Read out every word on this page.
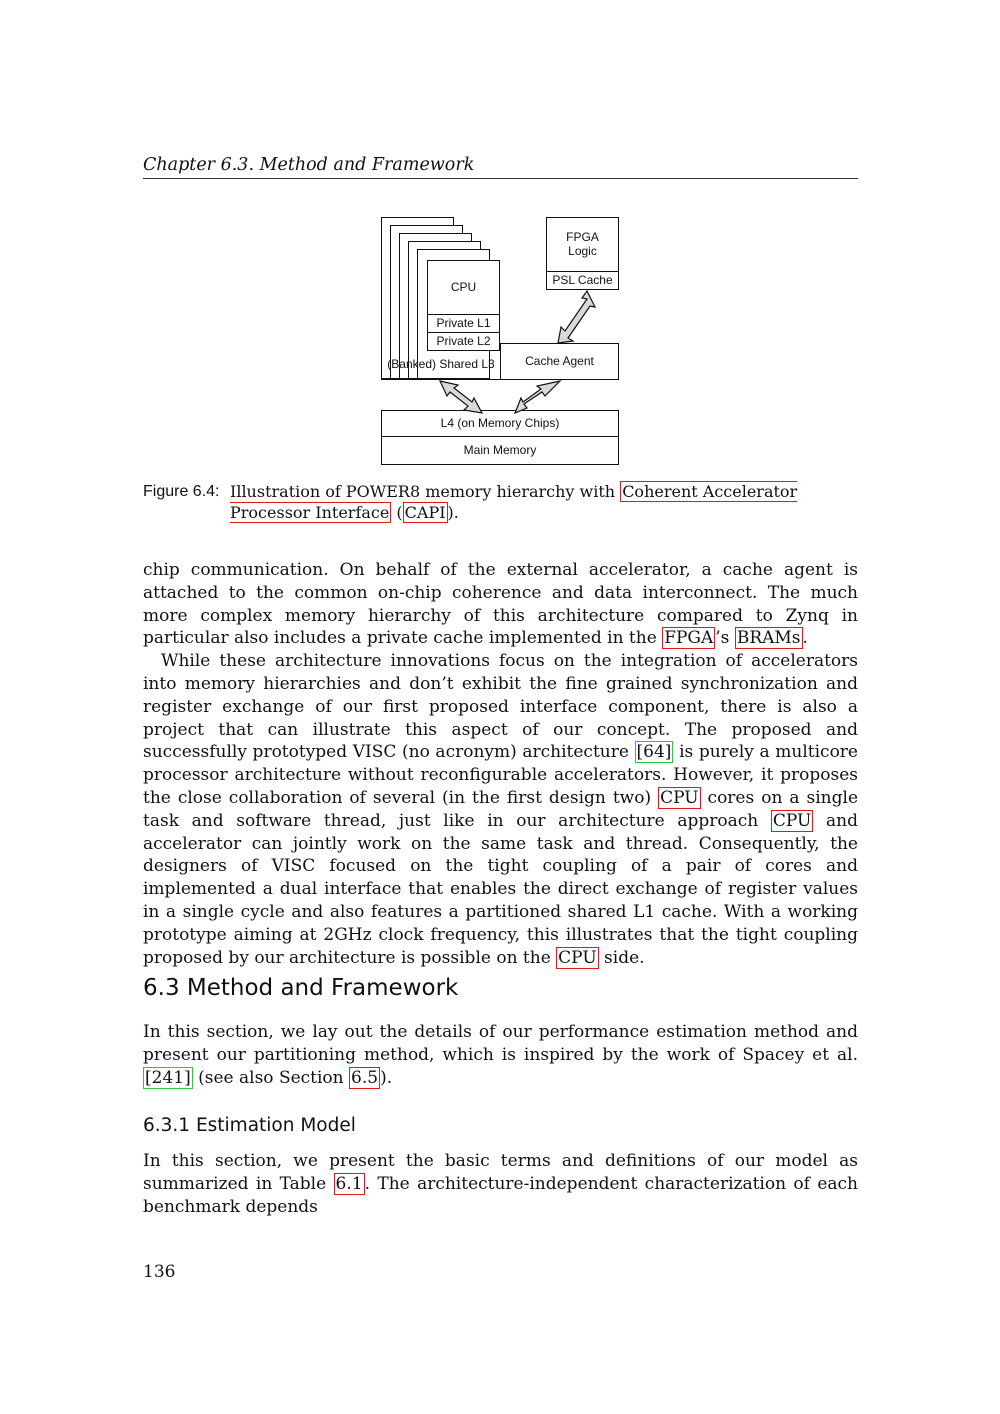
Chapter 6.3. Method and Framework
CPU
Private L1
Private L2
(Banked) Shared L3	Cache Agent
FPGA
Logic
PSL Cache
L4 (on Memory Chips)
Main Memory
Figure 6.4: Illustration of POWER8 memory hierarchy with Coherent Accelerator Processor Interface ( CAPI ).

chip communication. On behalf of the external accelerator, a cache agent is attached to the common on-chip coherence and data interconnect. The much more complex memory hierarchy of this architecture compared to Zynq in particular also includes a private cache implemented in the FPGA ’s BRAMs .

While these architecture innovations focus on the integration of accelerators into memory hierarchies and don’t exhibit the fine grained synchronization and register exchange of our first proposed interface component, there is also a project that can illustrate this aspect of our concept. The proposed and successfully prototyped VISC (no acronym) architecture [64] is purely a multicore processor architecture without reconfigurable accelerators. However, it proposes the close collaboration of several (in the first design two) CPU cores on a single task and software thread, just like in our architecture approach CPU and accelerator can jointly work on the same task and thread. Consequently, the designers of VISC focused on the tight coupling of a pair of cores and implemented a dual interface that enables the direct exchange of register values in a single cycle and also features a partitioned shared L1 cache. With a working prototype aiming at 2GHz clock frequency, this illustrates that the tight coupling proposed by our architecture is possible on the CPU side.

6.3 Method and Framework

In this section, we lay out the details of our performance estimation method and present our partitioning method, which is inspired by the work of Spacey et al. [241] (see also Section 6.5 ).

6.3.1 Estimation Model

In this section, we present the basic terms and definitions of our model as summarized in Table 6.1 . The architecture-independent characterization of each benchmark depends

136
